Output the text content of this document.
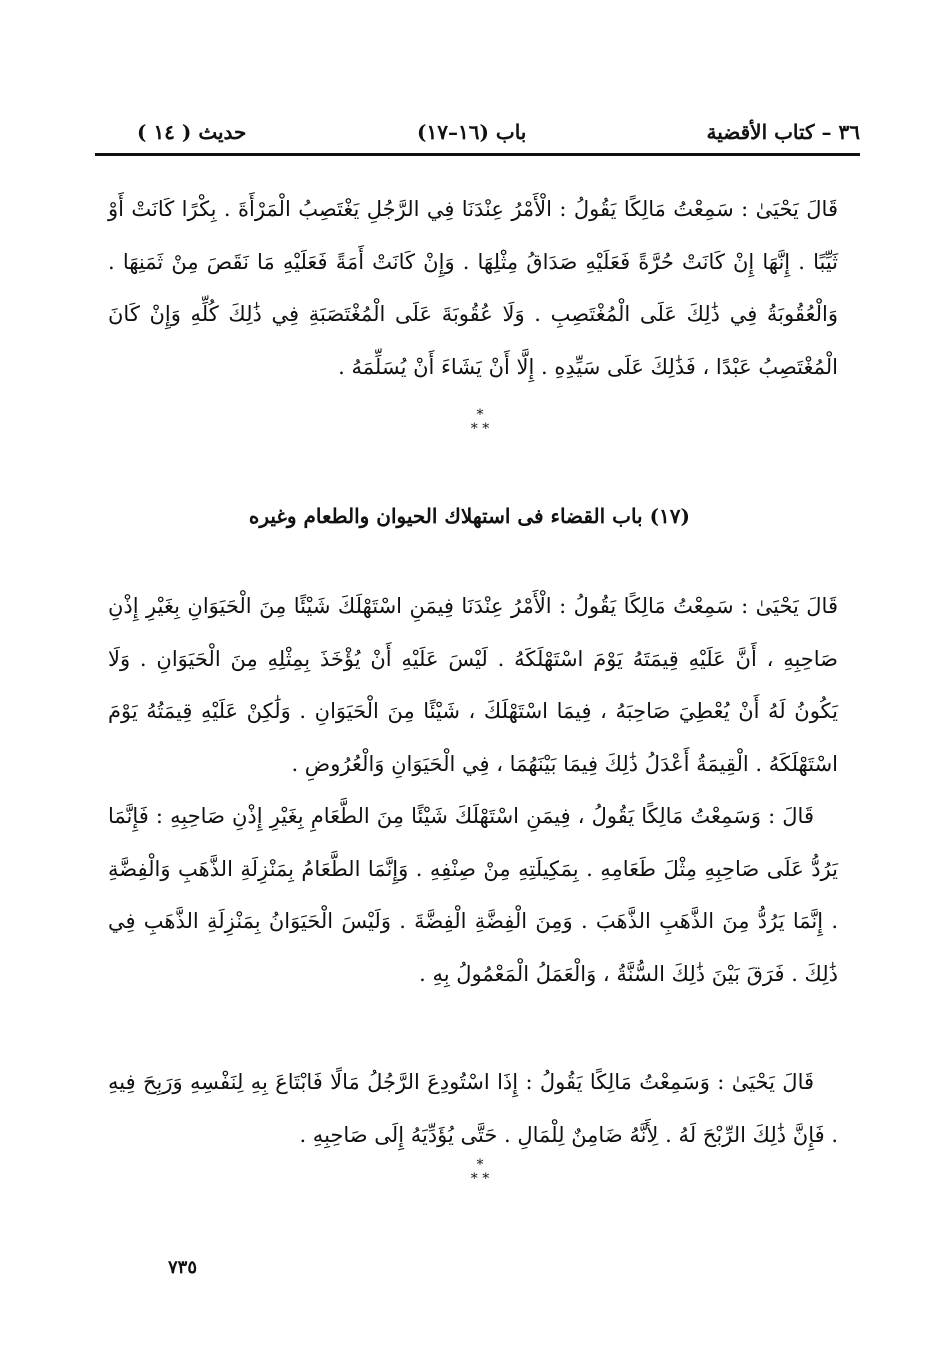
٣٦ – كتاب الأقضية
(١٦–١٧) باب
( ١٤ ) حديث

قَالَ يَحْيَىٰ : سَمِعْتُ مَالِكًا يَقُولُ : الْأَمْرُ عِنْدَنَا فِي الرَّجُلِ يَغْتَصِبُ الْمَرْأَةَ . بِكْرًا كَانَتْ أَوْ ثَيِّبًا . إِنَّهَا إِنْ كَانَتْ حُرَّةً فَعَلَيْهِ صَدَاقُ مِثْلِهَا . وَإِنْ كَانَتْ أَمَةً فَعَلَيْهِ مَا نَقَصَ مِنْ ثَمَنِهَا . وَالْعُقُوبَةُ فِي ذَٰلِكَ عَلَى الْمُغْتَصِبِ . وَلَا عُقُوبَةَ عَلَى الْمُغْتَصَبَةِ فِي ذَٰلِكَ كُلِّهِ وَإِنْ كَانَ الْمُغْتَصِبُ عَبْدًا ، فَذَٰلِكَ عَلَى سَيِّدِهِ . إِلَّا أَنْ يَشَاءَ أَنْ يُسَلِّمَهُ .

*
* *
(١٧) باب القضاء فى استهلاك الحيوان والطعام وغيره

قَالَ يَحْيَىٰ : سَمِعْتُ مَالِكًا يَقُولُ : الْأَمْرُ عِنْدَنَا فِيمَنِ اسْتَهْلَكَ شَيْئًا مِنَ الْحَيَوَانِ بِغَيْرِ إِذْنِ صَاحِبِهِ ، أَنَّ عَلَيْهِ قِيمَتَهُ يَوْمَ اسْتَهْلَكَهُ . لَيْسَ عَلَيْهِ أَنْ يُؤْخَذَ بِمِثْلِهِ مِنَ الْحَيَوَانِ . وَلَا يَكُونُ لَهُ أَنْ يُعْطِيَ صَاحِبَهُ ، فِيمَا اسْتَهْلَكَ ، شَيْئًا مِنَ الْحَيَوَانِ . وَلَٰكِنْ عَلَيْهِ قِيمَتُهُ يَوْمَ اسْتَهْلَكَهُ . الْقِيمَةُ أَعْدَلُ ذَٰلِكَ فِيمَا بَيْنَهُمَا ، فِي الْحَيَوَانِ وَالْعُرُوضِ .

قَالَ : وَسَمِعْتُ مَالِكًا يَقُولُ ، فِيمَنِ اسْتَهْلَكَ شَيْئًا مِنَ الطَّعَامِ بِغَيْرِ إِذْنِ صَاحِبِهِ : فَإِنَّمَا يَرُدُّ عَلَى صَاحِبِهِ مِثْلَ طَعَامِهِ . بِمَكِيلَتِهِ مِنْ صِنْفِهِ . وَإِنَّمَا الطَّعَامُ بِمَنْزِلَةِ الذَّهَبِ وَالْفِضَّةِ . إِنَّمَا يَرُدُّ مِنَ الذَّهَبِ الذَّهَبَ . وَمِنَ الْفِضَّةِ الْفِضَّةَ . وَلَيْسَ الْحَيَوَانُ بِمَنْزِلَةِ الذَّهَبِ فِي ذَٰلِكَ . فَرَقَ بَيْنَ ذَٰلِكَ السُّنَّةُ ، وَالْعَمَلُ الْمَعْمُولُ بِهِ .

قَالَ يَحْيَىٰ : وَسَمِعْتُ مَالِكًا يَقُولُ : إِذَا اسْتُودِعَ الرَّجُلُ مَالًا فَابْتَاعَ بِهِ لِنَفْسِهِ وَرَبِحَ فِيهِ . فَإِنَّ ذَٰلِكَ الرِّبْحَ لَهُ . لِأَنَّهُ ضَامِنٌ لِلْمَالِ . حَتَّى يُؤَدِّيَهُ إِلَى صَاحِبِهِ .

*
* *
٧٣٥
